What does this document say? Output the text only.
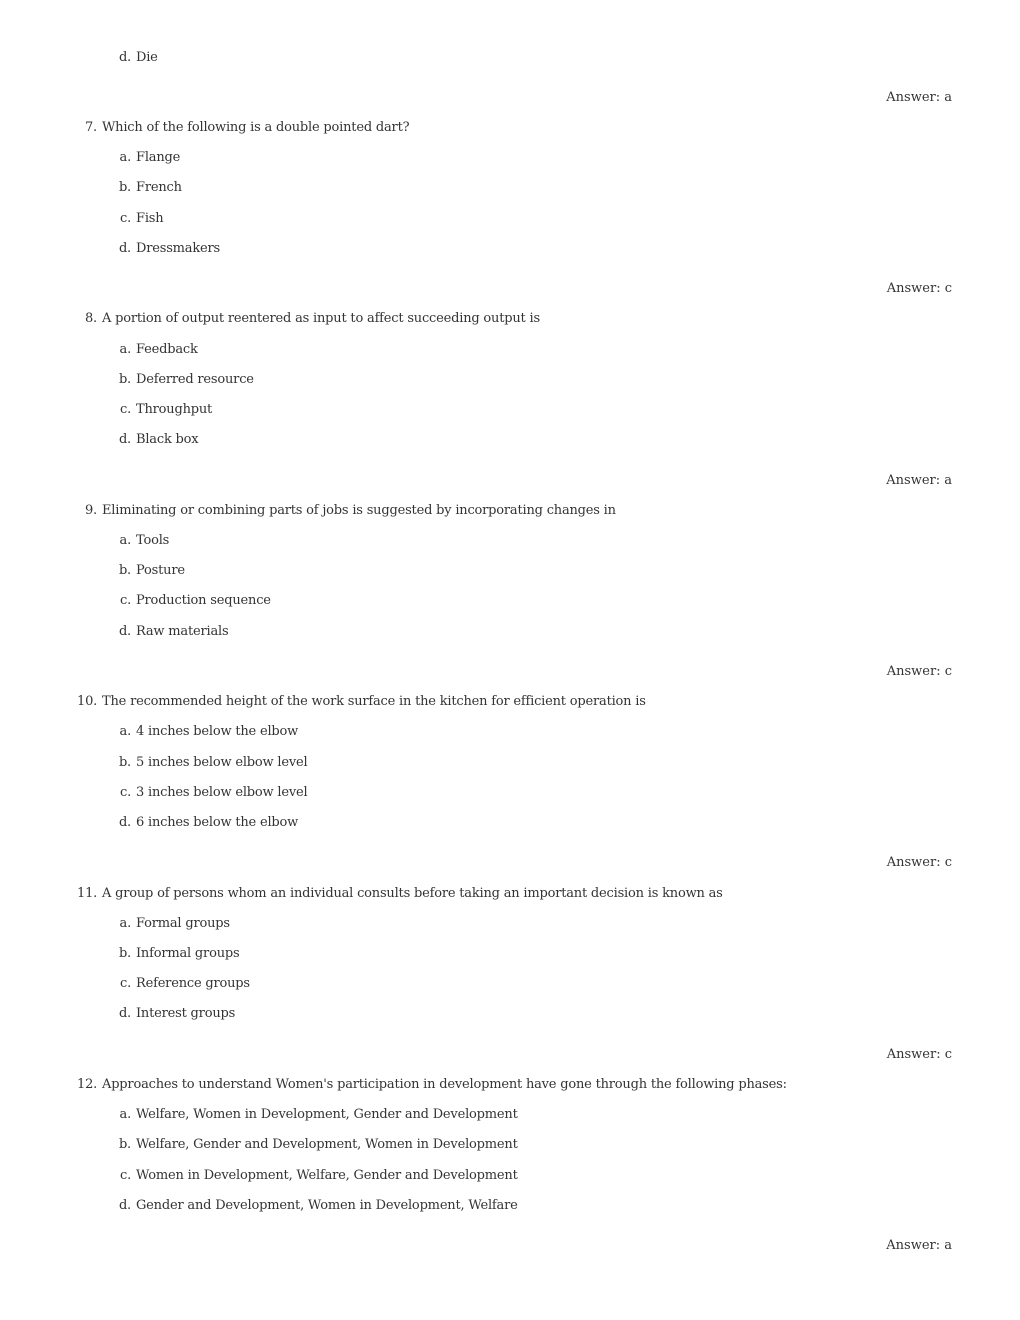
d. Die
Answer: a
7. Which of the following is a double pointed dart?
a. Flange
b. French
c. Fish
d. Dressmakers
Answer: c
8. A portion of output reentered as input to affect succeeding output is
a. Feedback
b. Deferred resource
c. Throughput
d. Black box
Answer: a
9. Eliminating or combining parts of jobs is suggested by incorporating changes in
a. Tools
b. Posture
c. Production sequence
d. Raw materials
Answer: c
10. The recommended height of the work surface in the kitchen for efficient operation is
a. 4 inches below the elbow
b. 5 inches below elbow level
c. 3 inches below elbow level
d. 6 inches below the elbow
Answer: c
11. A group of persons whom an individual consults before taking an important decision is known as
a. Formal groups
b. Informal groups
c. Reference groups
d. Interest groups
Answer: c
12. Approaches to understand Women's participation in development have gone through the following phases:
a. Welfare, Women in Development, Gender and Development
b. Welfare, Gender and Development, Women in Development
c. Women in Development, Welfare, Gender and Development
d. Gender and Development, Women in Development, Welfare
Answer: a
